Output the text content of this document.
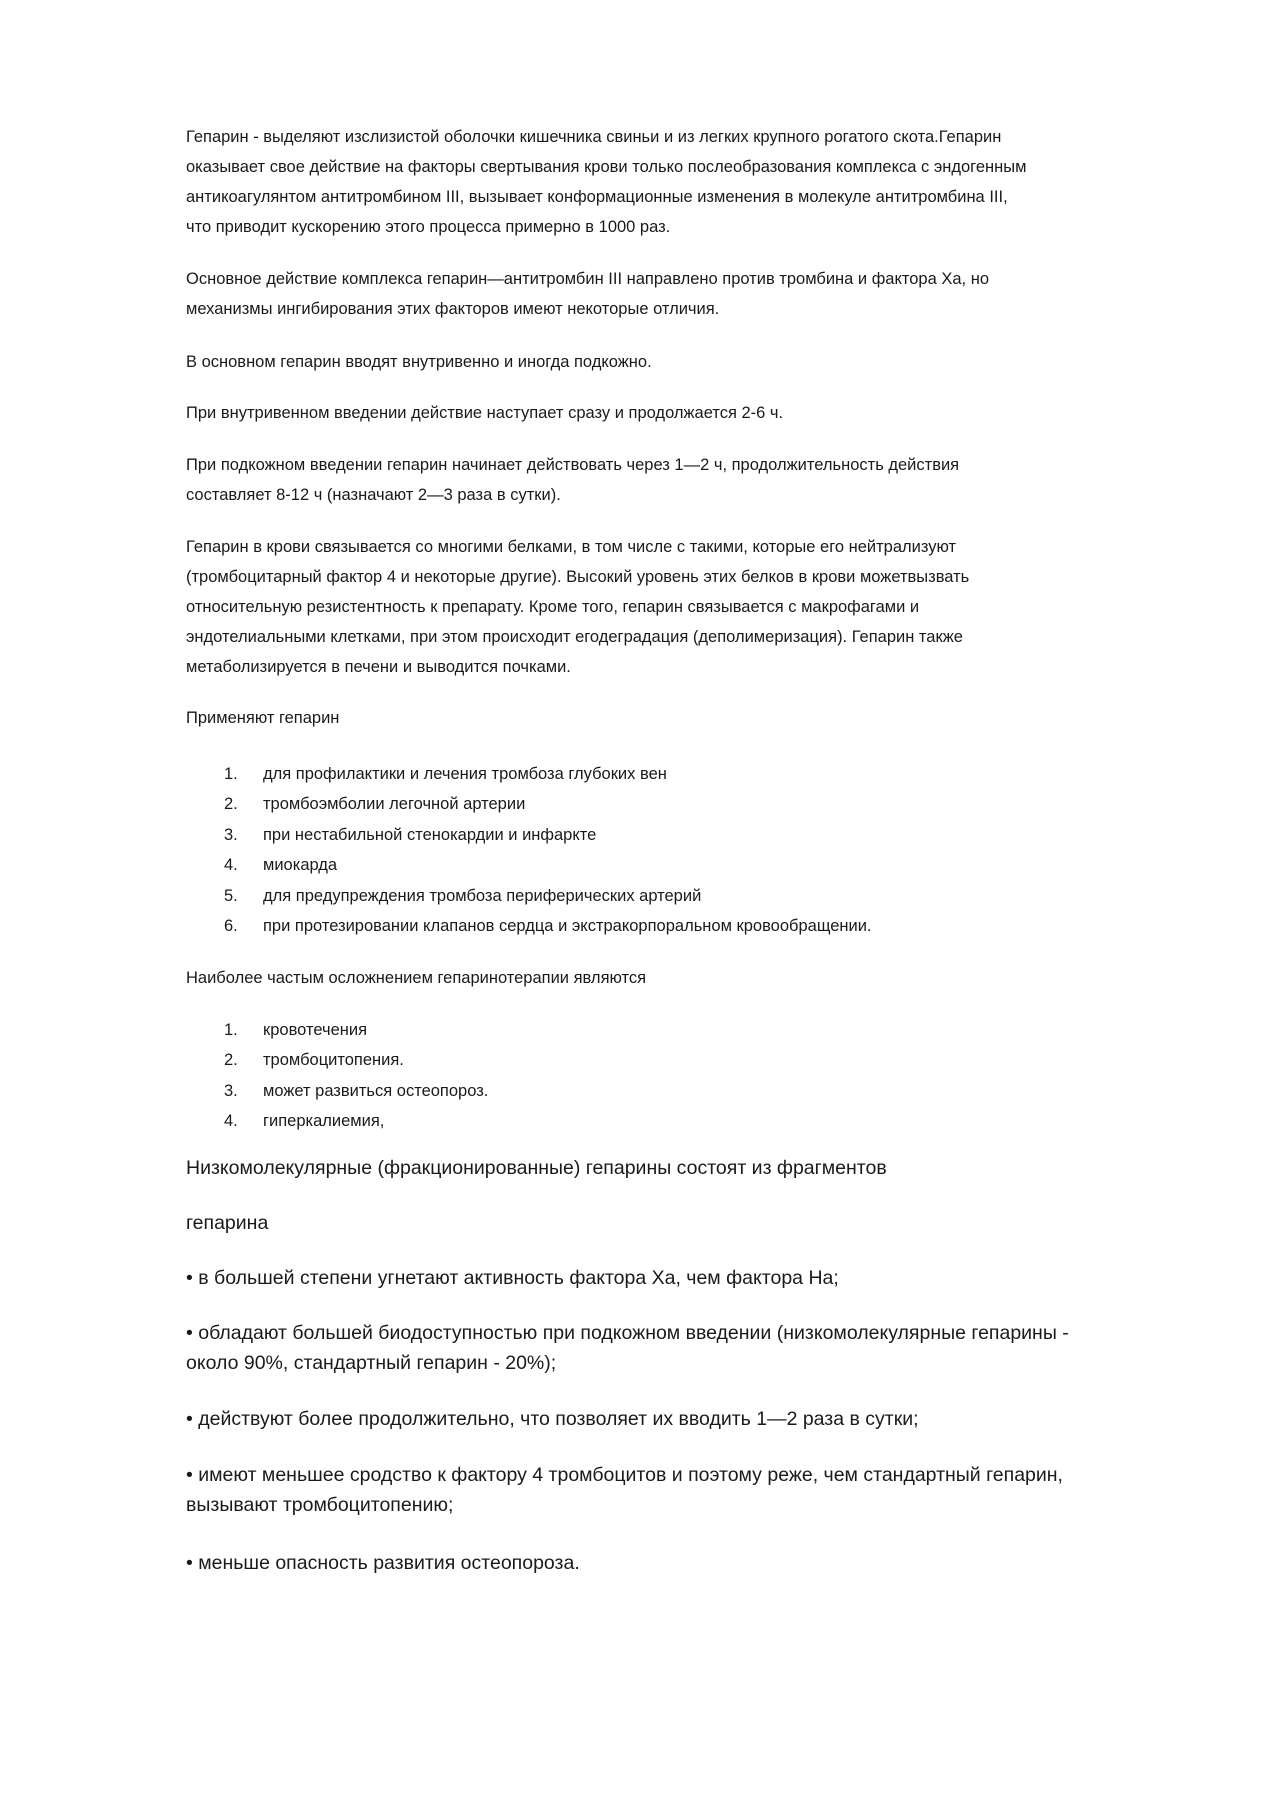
Гепарин - выделяют изслизистой оболочки кишечника свиньи и из легких крупного рогатого скота.Гепарин
оказывает свое действие на факторы свертывания крови только послеобразования комплекса с эндогенным
антикоагулянтом антитромбином III, вызывает конформационные изменения в молекуле антитромбина III,
что приводит кускорению этого процесса примерно в 1000 раз.
Основное действие комплекса гепарин—антитромбин III направлено против тромбина и фактора Ха, но
механизмы ингибирования этих факторов имеют некоторые отличия.
В основном гепарин вводят внутривенно и иногда подкожно.
При внутривенном введении действие наступает сразу и продолжается 2-6 ч.
При подкожном введении гепарин начинает действовать через 1—2 ч, продолжительность действия
составляет 8-12 ч (назначают 2—3 раза в сутки).
Гепарин в крови связывается со многими белками, в том числе с такими, которые его нейтрализуют
(тромбоцитарный фактор 4 и некоторые другие). Высокий уровень этих белков в крови можетвызвать
относительную резистентность к препарату. Кроме того, гепарин связывается с макрофагами и
эндотелиальными клетками, при этом происходит егодеградация (деполимеризация). Гепарин также
метаболизируется в печени и выводится почками.
Применяют гепарин
1.	для профилактики и лечения тромбоза глубоких вен
2.	тромбоэмболии легочной артерии
3.	при нестабильной стенокардии и инфаркте
4.	миокарда
5.	для предупреждения тромбоза периферических артерий
6.	при протезировании клапанов сердца и экстракорпоральном кровообращении.
Наиболее частым осложнением гепаринотерапии являются
1.	кровотечения
2.	тромбоцитопения.
3.	может развиться остеопороз.
4.	гиперкалиемия,
Низкомолекулярные (фракционированные) гепарины состоят из фрагментов
гепарина
• в большей степени угнетают активность фактора Ха, чем фактора На;
• обладают большей биодоступностью при подкожном введении (низкомолекулярные гепарины -
около 90%, стандартный гепарин - 20%);
• действуют более продолжительно, что позволяет их вводить 1—2 раза в сутки;
• имеют меньшее сродство к фактору 4 тромбоцитов и поэтому реже, чем стандартный гепарин,
вызывают тромбоцитопению;
• меньше опасность развития остеопороза.
